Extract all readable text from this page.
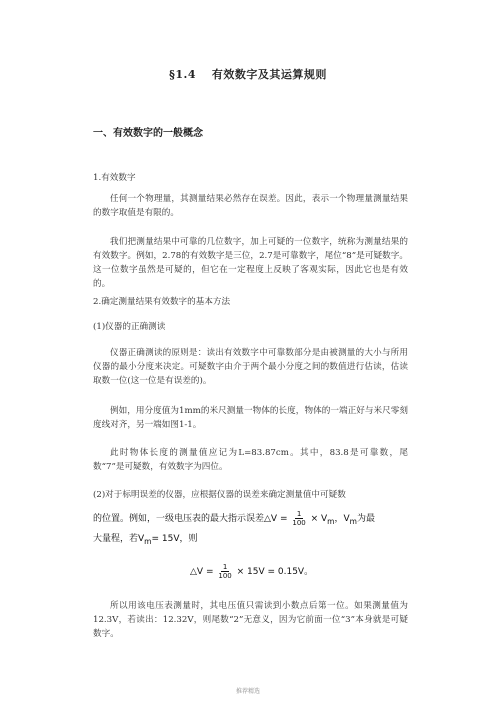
§1.4　 有效数字及其运算规则
一、有效数字的一般概念
1.有效数字

任何一个物理量，其测量结果必然存在误差。因此，表示一个物理量测量结果的数字取值是有限的。

我们把测量结果中可靠的几位数字，加上可疑的一位数字，统称为测量结果的有效数字。例如，2.78的有效数字是三位，2.7是可靠数字，尾位“8”是可疑数字。这一位数字虽然是可疑的，但它在一定程度上反映了客观实际，因此它也是有效的。

2.确定测量结果有效数字的基本方法
(1)仪器的正确测读

仪器正确测读的原则是：读出有效数字中可靠数部分是由被测量的大小与所用仪器的最小分度来决定。可疑数字由介于两个最小分度之间的数值进行估读，估读取数一位(这一位是有误差的)。

例如，用分度值为1mm的米尺测量一物体的长度，物体的一端正好与米尺零刻度线对齐，另一端如图1-1。

此时物体长度的测量值应记为L=83.87cm。其中，83.8是可靠数，尾数“7”是可疑数，有效数字为四位。

(2)对于标明误差的仪器，应根据仪器的误差来确定测量值中可疑数

的位置。例如，一级电压表的最大指示误差△V = $\frac{1}{100} \times V_m$，$V_m$为最
大量程，若$V_m= 15V$，则
△V = $\frac{1}{100} \times 15V = 0.15V$。

所以用该电压表测量时，其电压值只需读到小数点后第一位。如果测量值为12.3V，若读出：12.32V，则尾数“2”无意义，因为它前面一位“3”本身就是可疑数字。

推荐精选
